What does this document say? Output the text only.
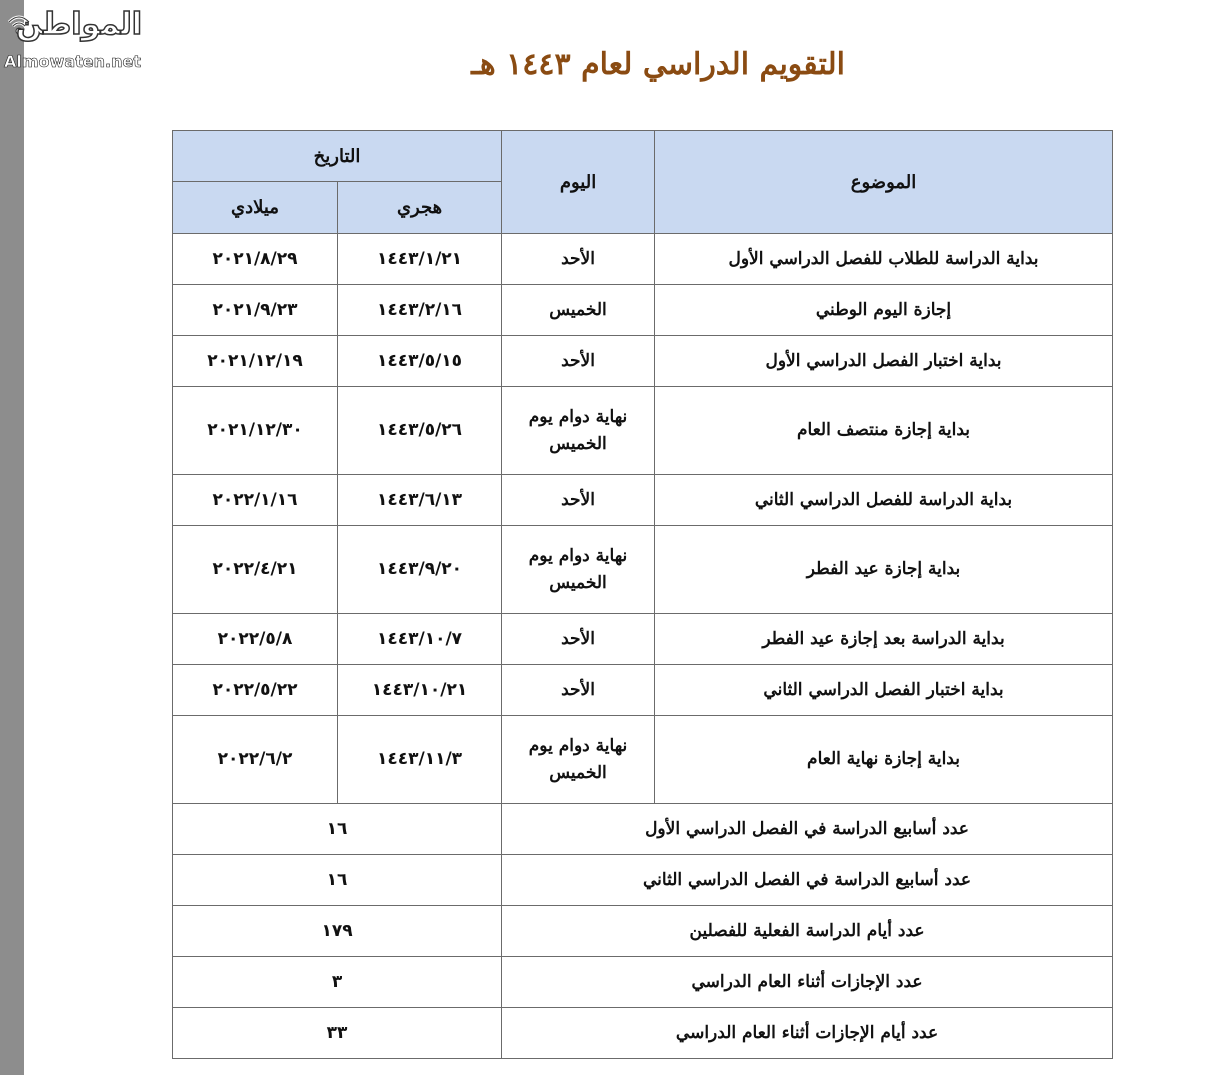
المواطن
Almowaten.net	التقويم الدراسي لعام ١٤٤٣ هـ
الموضوع	اليوم	التاريخ	
		هجري	ميلادي
بداية الدراسة للطلاب للفصل الدراسي الأول	الأحد	١٤٤٣/١/٢١	٢٠٢١/٨/٢٩
إجازة اليوم الوطني	الخميس	١٤٤٣/٢/١٦	٢٠٢١/٩/٢٣
بداية اختبار الفصل الدراسي الأول	الأحد	١٤٤٣/٥/١٥	٢٠٢١/١٢/١٩
بداية إجازة منتصف العام	نهاية دوام يوم الخميس	١٤٤٣/٥/٢٦	٢٠٢١/١٢/٣٠
بداية الدراسة للفصل الدراسي الثاني	الأحد	١٤٤٣/٦/١٣	٢٠٢٢/١/١٦
بداية إجازة عيد الفطر	نهاية دوام يوم الخميس	١٤٤٣/٩/٢٠	٢٠٢٢/٤/٢١
بداية الدراسة بعد إجازة عيد الفطر	الأحد	١٤٤٣/١٠/٧	٢٠٢٢/٥/٨
بداية اختبار الفصل الدراسي الثاني	الأحد	١٤٤٣/١٠/٢١	٢٠٢٢/٥/٢٢
بداية إجازة نهاية العام	نهاية دوام يوم الخميس	١٤٤٣/١١/٣	٢٠٢٢/٦/٢
عدد أسابيع الدراسة في الفصل الدراسي الأول		١٦	
عدد أسابيع الدراسة في الفصل الدراسي الثاني		١٦	
عدد أيام الدراسة الفعلية للفصلين		١٧٩	
عدد الإجازات أثناء العام الدراسي		٣	
عدد أيام الإجازات أثناء العام الدراسي		٣٣	
